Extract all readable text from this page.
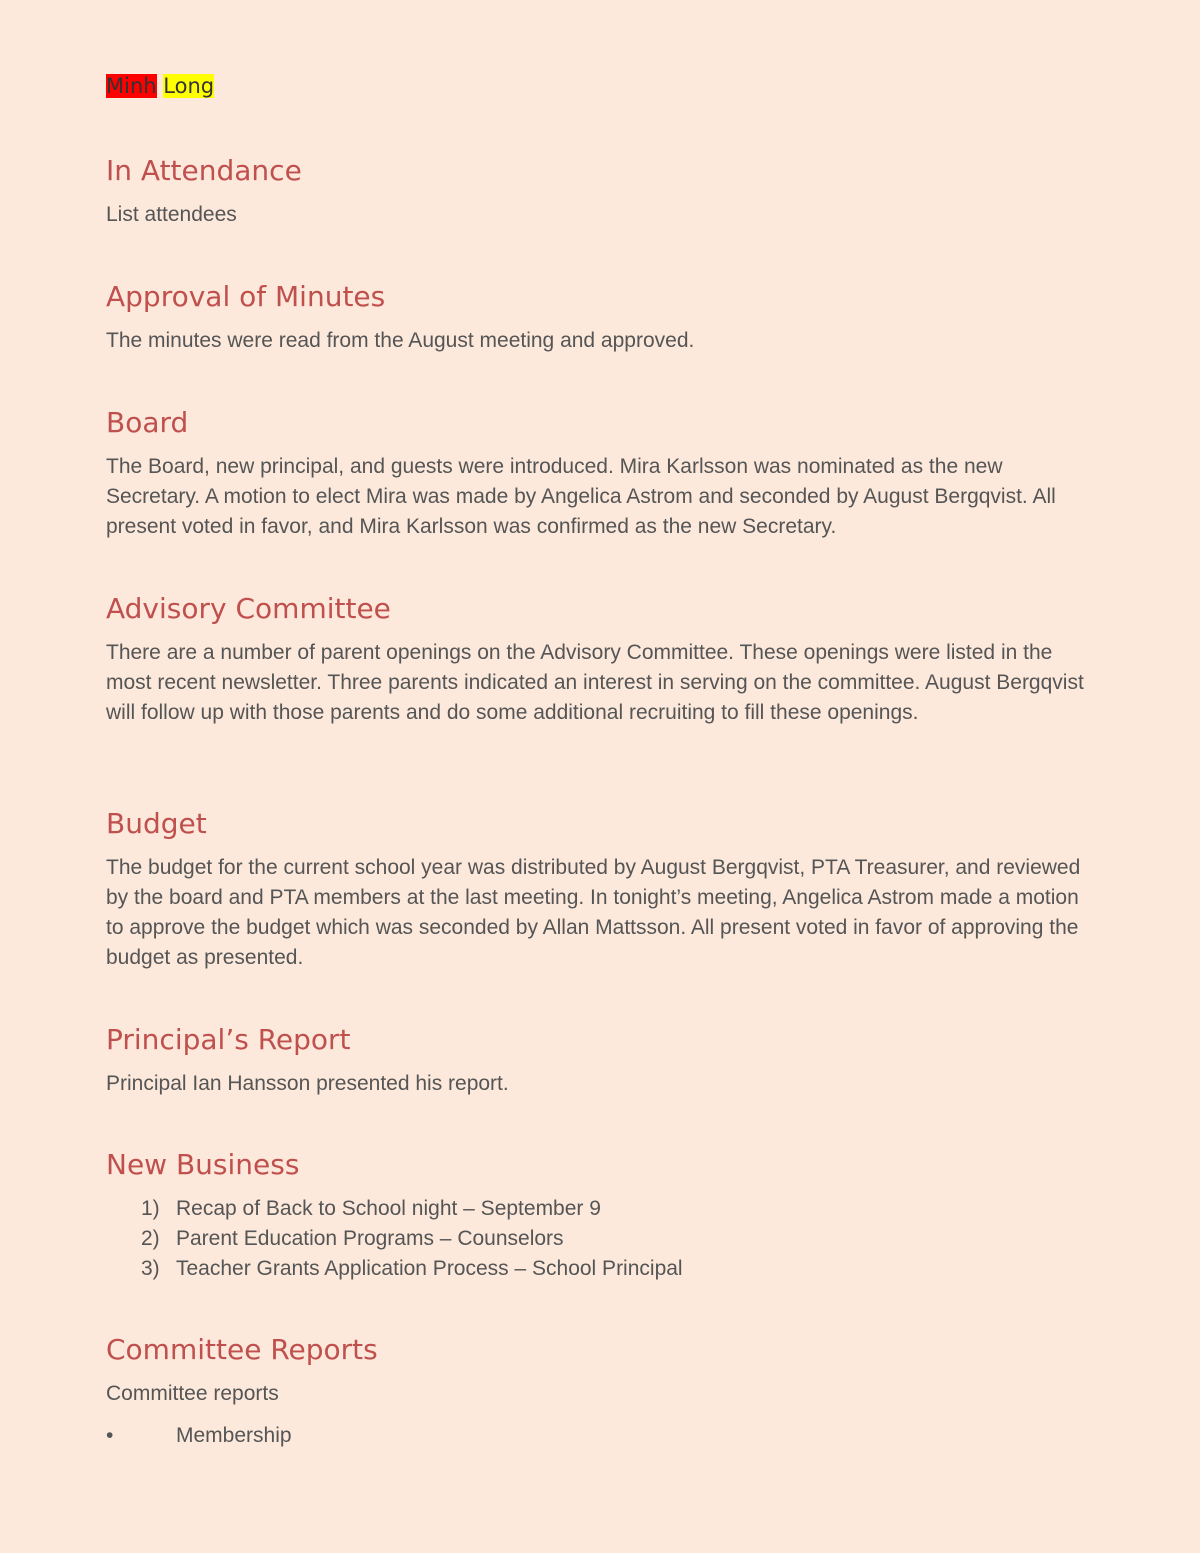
Minh Long
In Attendance

List attendees

Approval of Minutes

The minutes were read from the August meeting and approved.

Board

The Board, new principal, and guests were introduced. Mira Karlsson was nominated as the new Secretary. A motion to elect Mira was made by Angelica Astrom and seconded by August Bergqvist. All present voted in favor, and Mira Karlsson was confirmed as the new Secretary.

Advisory Committee

There are a number of parent openings on the Advisory Committee. These openings were listed in the most recent newsletter. Three parents indicated an interest in serving on the committee. August Bergqvist will follow up with those parents and do some additional recruiting to fill these openings.

Budget

The budget for the current school year was distributed by August Bergqvist, PTA Treasurer, and reviewed by the board and PTA members at the last meeting. In tonight’s meeting, Angelica Astrom made a motion to approve the budget which was seconded by Allan Mattsson. All present voted in favor of approving the budget as presented.

Principal’s Report

Principal Ian Hansson presented his report.

New Business
1) Recap of Back to School night – September 9
2) Parent Education Programs – Counselors
3) Teacher Grants Application Process – School Principal
Committee Reports

Committee reports

•	Membership
